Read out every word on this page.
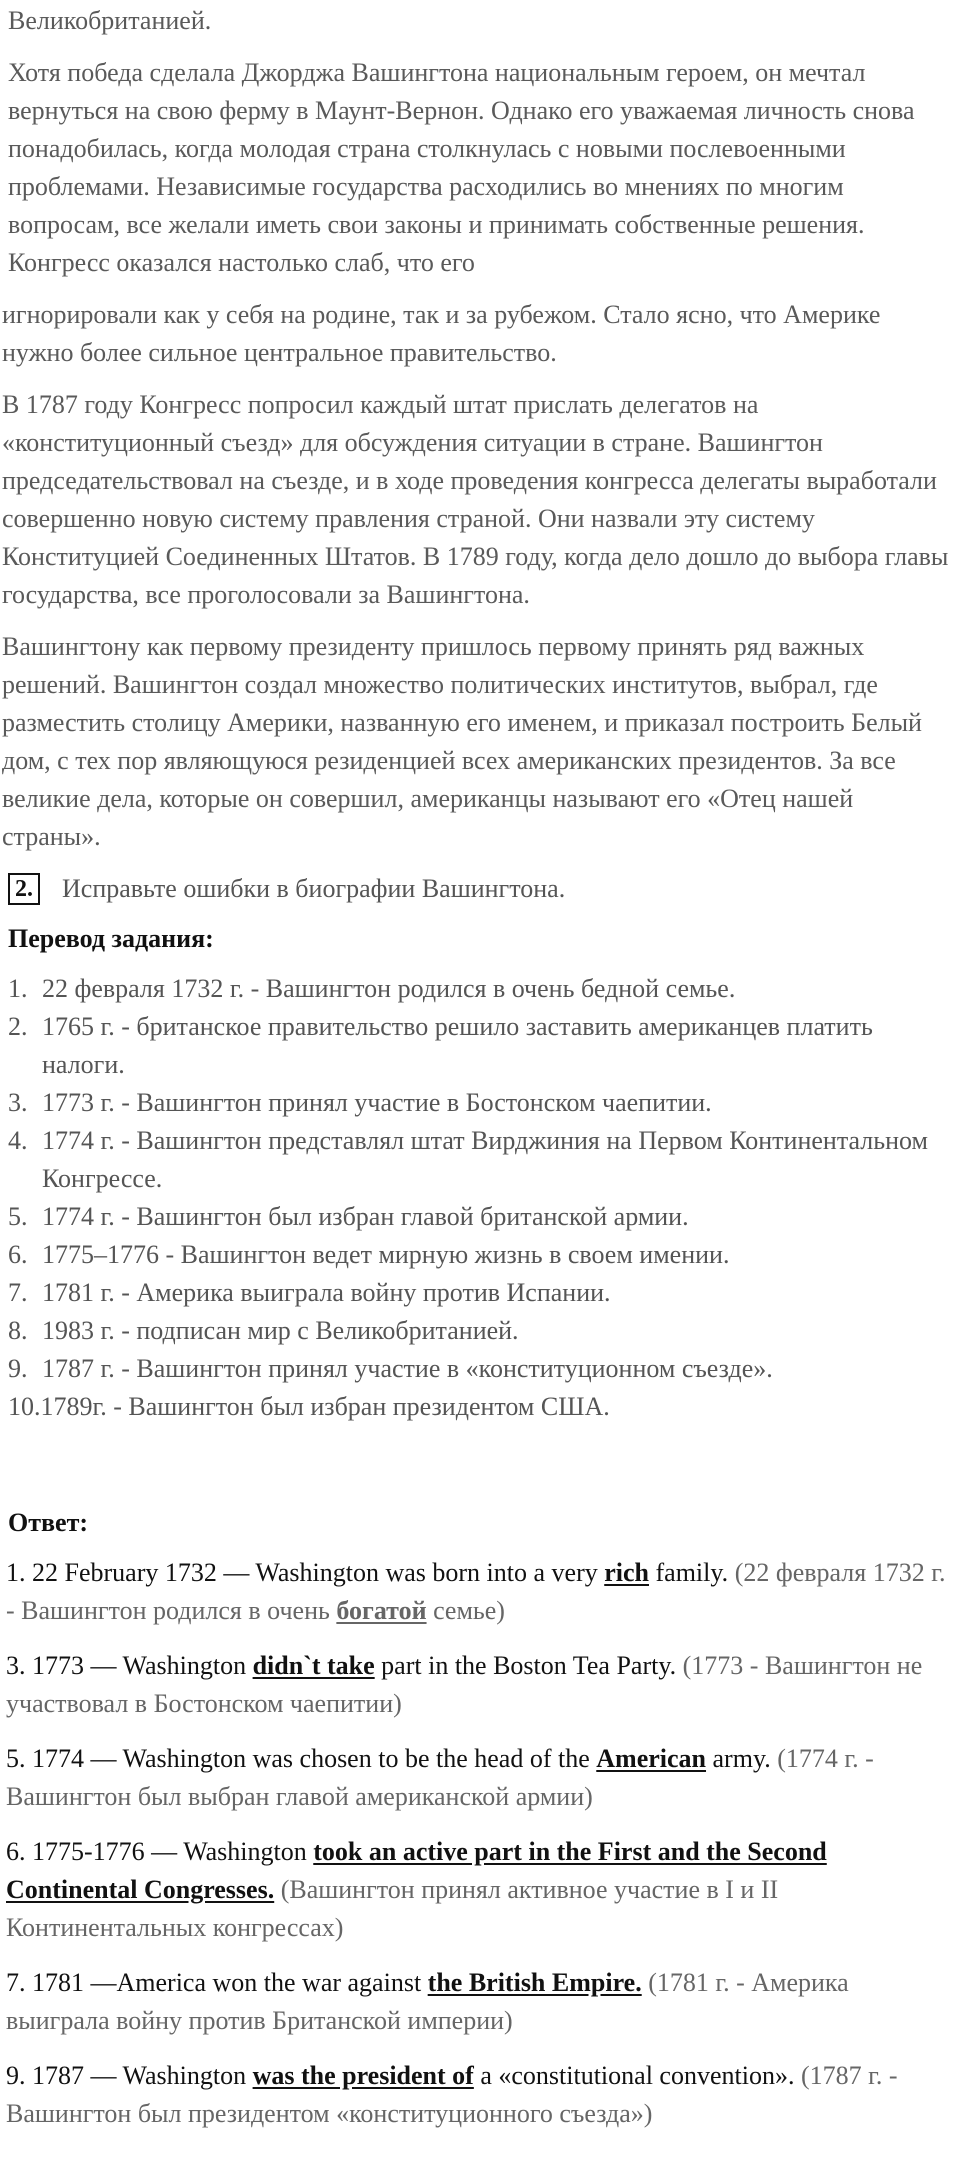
Великобританией.

Хотя победа сделала Джорджа Вашингтона национальным героем, он мечтал вернуться на свою ферму в Маунт-Вернон. Однако его уважаемая личность снова понадобилась, когда молодая страна столкнулась с новыми послевоенными проблемами. Независимые государства расходились во мнениях по многим вопросам, все желали иметь свои законы и принимать собственные решения. Конгресс оказался настолько слаб, что его

игнорировали как у себя на родине, так и за рубежом. Стало ясно, что Америке нужно более сильное центральное правительство.

В 1787 году Конгресс попросил каждый штат прислать делегатов на «конституционный съезд» для обсуждения ситуации в стране. Вашингтон председательствовал на съезде, и в ходе проведения конгресса делегаты выработали совершенно новую систему правления страной. Они назвали эту систему Конституцией Соединенных Штатов. В 1789 году, когда дело дошло до выбора главы государства, все проголосовали за Вашингтона.

Вашингтону как первому президенту пришлось первому принять ряд важных решений. Вашингтон создал множество политических институтов, выбрал, где разместить столицу Америки, названную его именем, и приказал построить Белый дом, с тех пор являющуюся резиденцией всех американских президентов. За все великие дела, которые он совершил, американцы называют его «Отец нашей страны».

2. Исправьте ошибки в биографии Вашингтона.
Перевод задания:
1. 22 февраля 1732 г. - Вашингтон родился в очень бедной семье.
2. 1765 г. - британское правительство решило заставить американцев платить налоги.
3. 1773 г. - Вашингтон принял участие в Бостонском чаепитии.
4. 1774 г. - Вашингтон представлял штат Вирджиния на Первом Континентальном Конгрессе.
5. 1774 г. - Вашингтон был избран главой британской армии.
6. 1775–1776 - Вашингтон ведет мирную жизнь в своем имении.
7. 1781 г. - Америка выиграла войну против Испании.
8. 1983 г. - подписан мир с Великобританией.
9. 1787 г. - Вашингтон принял участие в «конституционном съезде».
10. 1789г. - Вашингтон был избран президентом США.
Ответ:

1. 22 February 1732 — Washington was born into a very rich family. (22 февраля 1732 г. - Вашингтон родился в очень богатой семье)

3. 1773 — Washington didn`t take part in the Boston Tea Party. (1773 - Вашингтон не участвовал в Бостонском чаепитии)

5. 1774 — Washington was chosen to be the head of the American army. (1774 г. - Вашингтон был выбран главой американской армии)

6. 1775-1776 — Washington took an active part in the First and the Second Continental Congresses. (Вашингтон принял активное участие в I и II Континентальных конгрессах)

7. 1781 —America won the war against the British Empire. (1781 г. - Америка выиграла войну против Британской империи)

9. 1787 — Washington was the president of a «constitutional convention». (1787 г. - Вашингтон был президентом «конституционного съезда»)
